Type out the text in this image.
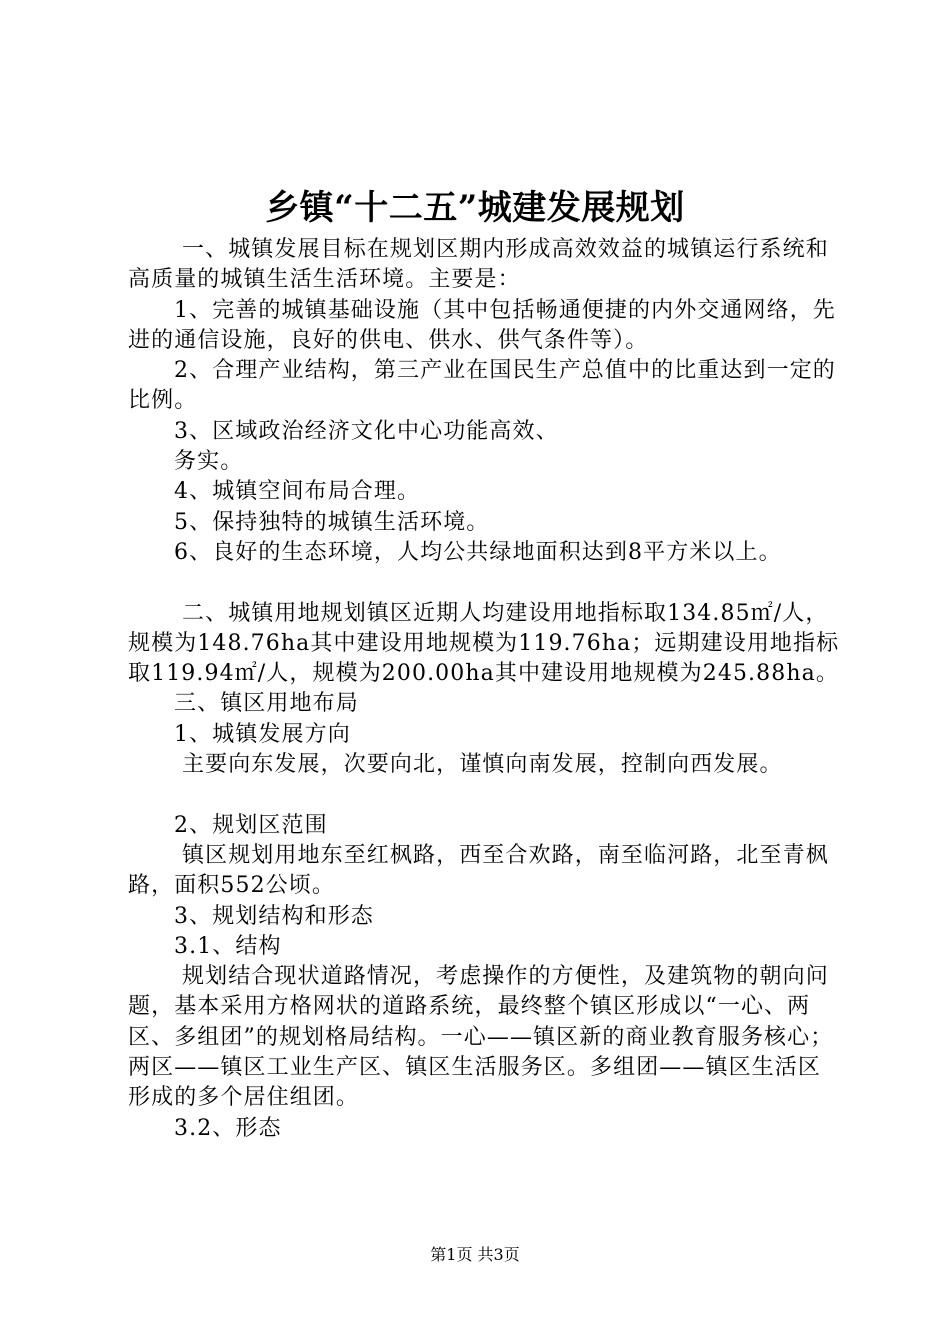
乡镇“十二五”城建发展规划

一、城镇发展目标在规划区期内形成高效效益的城镇运行系统和高质量的城镇生活生活环境。主要是：

1、完善的城镇基础设施（其中包括畅通便捷的内外交通网络，先进的通信设施，良好的供电、供水、供气条件等）。

2、合理产业结构，第三产业在国民生产总值中的比重达到一定的比例。

3、区域政治经济文化中心功能高效、

务实。

4、城镇空间布局合理。

5、保持独特的城镇生活环境。

6、良好的生态环境，人均公共绿地面积达到8平方米以上。

二、城镇用地规划镇区近期人均建设用地指标取134.85㎡/人，规模为148.76ha其中建设用地规模为119.76ha；远期建设用地指标取119.94㎡/人，规模为200.00ha其中建设用地规模为245.88ha。

三、镇区用地布局

1、城镇发展方向

主要向东发展，次要向北，谨慎向南发展，控制向西发展。

2、规划区范围

镇区规划用地东至红枫路，西至合欢路，南至临河路，北至青枫路，面积552公顷。

3、规划结构和形态

3.1、结构

规划结合现状道路情况，考虑操作的方便性，及建筑物的朝向问题，基本采用方格网状的道路系统，最终整个镇区形成以“一心、两区、多组团”的规划格局结构。一心——镇区新的商业教育服务核心；两区——镇区工业生产区、镇区生活服务区。多组团——镇区生活区形成的多个居住组团。

3.2、形态

第1页 共3页
